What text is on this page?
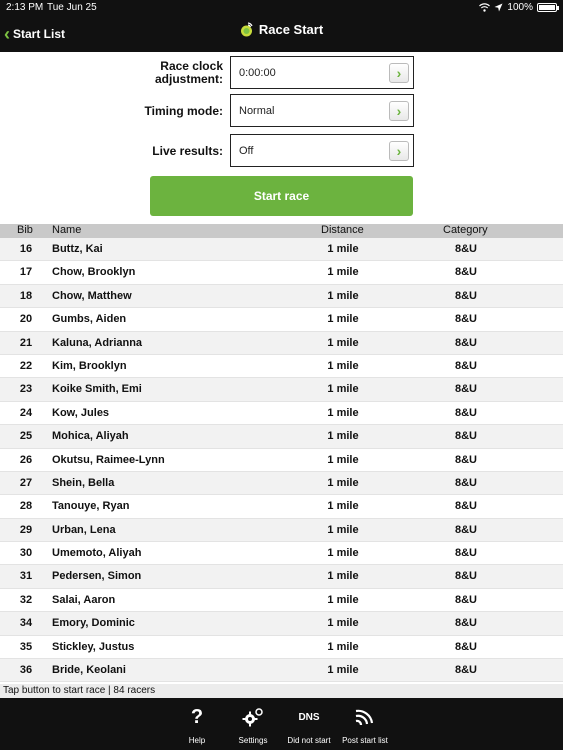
2:13 PM Tue Jun 25	100%
‹ Start List	Race Start
Race clock
adjustment: 0:00:00	›
Timing mode: Normal	›
Live results: Off	›
Start race
Bib Name	Distance	Category
16	Buttz, Kai	1 mile	8&U
17	Chow, Brooklyn	1 mile	8&U
18	Chow, Matthew	1 mile	8&U
20	Gumbs, Aiden	1 mile	8&U
21	Kaluna, Adrianna	1 mile	8&U
22	Kim, Brooklyn	1 mile	8&U
23	Koike Smith, Emi	1 mile	8&U
24	Kow, Jules	1 mile	8&U
25	Mohica, Aliyah	1 mile	8&U
26	Okutsu, Raimee-Lynn	1 mile	8&U
27	Shein, Bella	1 mile	8&U
28	Tanouye, Ryan	1 mile	8&U
29	Urban, Lena	1 mile	8&U
30	Umemoto, Aliyah	1 mile	8&U
31	Pedersen, Simon	1 mile	8&U
32	Salai, Aaron	1 mile	8&U
34	Emory, Dominic	1 mile	8&U
35	Stickley, Justus	1 mile	8&U
36	Bride, Keolani	1 mile	8&U
Tap button to start race | 84 racers
?
Help	Settings
DNS
Did not start	Post start list
